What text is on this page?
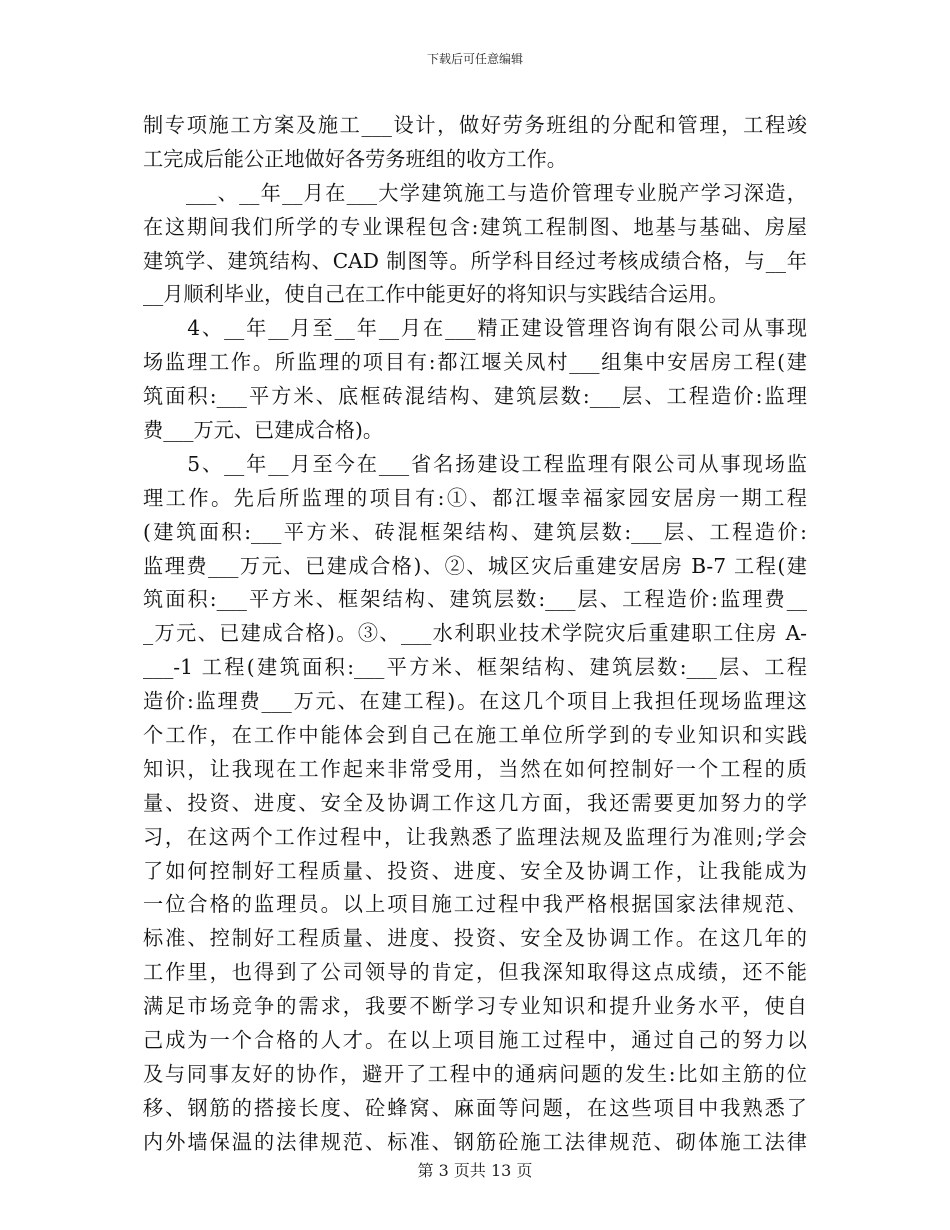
下载后可任意编辑
制专项施工方案及施工___设计，做好劳务班组的分配和管理，工程竣
工完成后能公正地做好各劳务班组的收方工作。
　　___、__年__月在___大学建筑施工与造价管理专业脱产学习深造，
在这期间我们所学的专业课程包含:建筑工程制图、地基与基础、房屋
建筑学、建筑结构、CAD 制图等。所学科目经过考核成绩合格，与__年
__月顺利毕业，使自己在工作中能更好的将知识与实践结合运用。
　　4、__年__月至__年__月在___精正建设管理咨询有限公司从事现
场监理工作。所监理的项目有:都江堰关凤村___组集中安居房工程(建
筑面积:___平方米、底框砖混结构、建筑层数:___层、工程造价:监理
费___万元、已建成合格)。
　　5、__年__月至今在___省名扬建设工程监理有限公司从事现场监
理工作。先后所监理的项目有:①、都江堰幸福家园安居房一期工程
(建筑面积:___平方米、砖混框架结构、建筑层数:___层、工程造价:
监理费___万元、已建成合格)、②、城区灾后重建安居房 B-7 工程(建
筑面积:___平方米、框架结构、建筑层数:___层、工程造价:监理费__
_万元、已建成合格)。③、___水利职业技术学院灾后重建职工住房 A-
___-1 工程(建筑面积:___平方米、框架结构、建筑层数:___层、工程
造价:监理费___万元、在建工程)。在这几个项目上我担任现场监理这
个工作，在工作中能体会到自己在施工单位所学到的专业知识和实践
知识，让我现在工作起来非常受用，当然在如何控制好一个工程的质
量、投资、进度、安全及协调工作这几方面，我还需要更加努力的学
习，在这两个工作过程中，让我熟悉了监理法规及监理行为准则;学会
了如何控制好工程质量、投资、进度、安全及协调工作，让我能成为
一位合格的监理员。以上项目施工过程中我严格根据国家法律规范、
标准、控制好工程质量、进度、投资、安全及协调工作。在这几年的
工作里，也得到了公司领导的肯定，但我深知取得这点成绩，还不能
满足市场竞争的需求，我要不断学习专业知识和提升业务水平，使自
己成为一个合格的人才。在以上项目施工过程中，通过自己的努力以
及与同事友好的协作，避开了工程中的通病问题的发生:比如主筋的位
移、钢筋的搭接长度、砼蜂窝、麻面等问题，在这些项目中我熟悉了
内外墙保温的法律规范、标准、钢筋砼施工法律规范、砌体施工法律
第 3 页共 13 页
